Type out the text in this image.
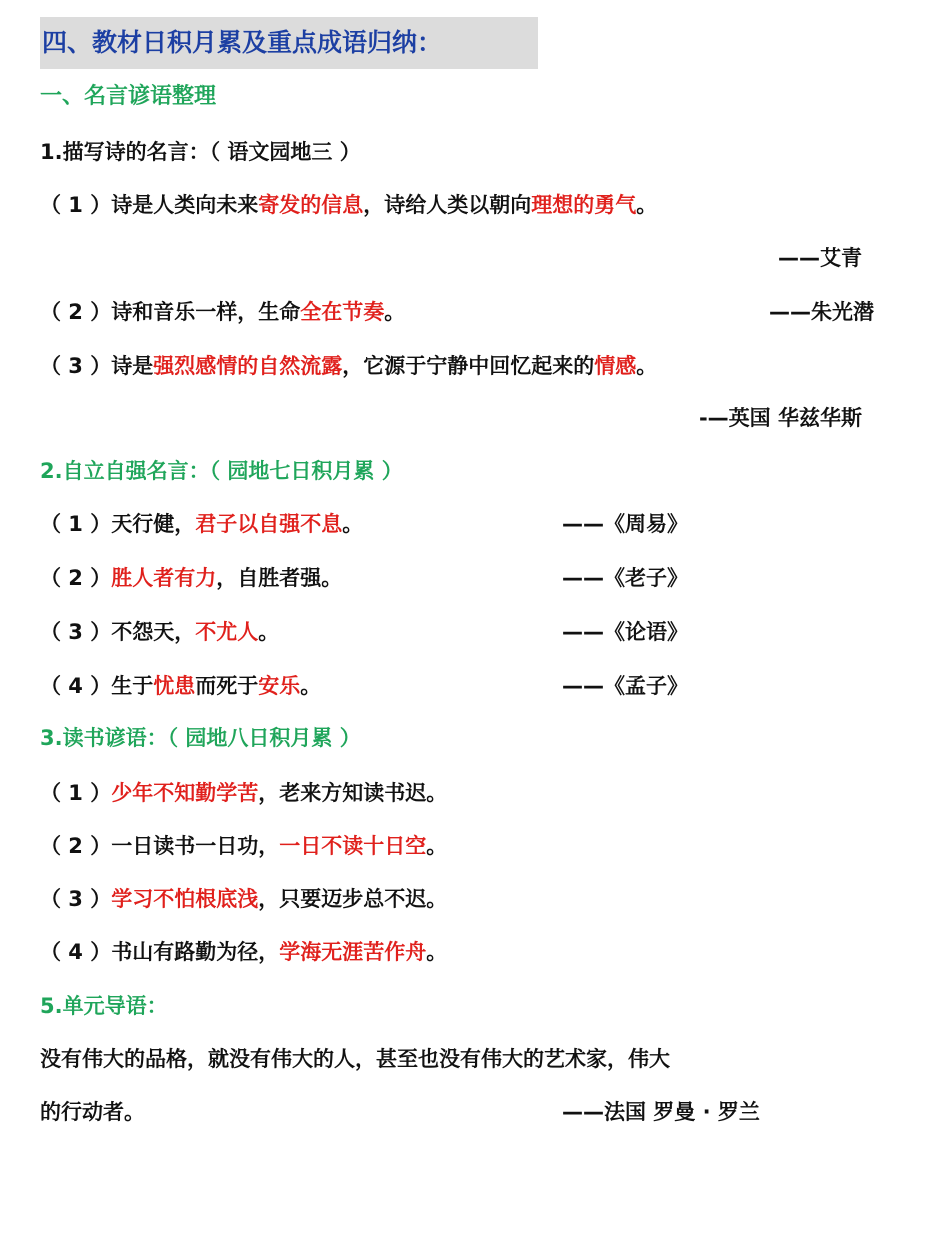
四、教材日积月累及重点成语归纳：
一、名言谚语整理
1.描写诗的名言：（ 语文园地三 ）
（ 1 ）诗是人类向未来寄发的信息，诗给人类以朝向理想的勇气。
——艾青
（ 2 ）诗和音乐一样，生命全在节奏。	——朱光潜
（ 3 ）诗是强烈感情的自然流露，它源于宁静中回忆起来的情感。
-—英国 华兹华斯
2.自立自强名言：（ 园地七日积月累 ）
（ 1 ）天行健，君子以自强不息。	——《周易》
（ 2 ）胜人者有力，自胜者强。	——《老子》
（ 3 ）不怨天，不尤人。	——《论语》
（ 4 ）生于忧患而死于安乐。	——《孟子》
3.读书谚语：（ 园地八日积月累 ）
（ 1 ）少年不知勤学苦，老来方知读书迟。
（ 2 ）一日读书一日功，一日不读十日空。
（ 3 ）学习不怕根底浅，只要迈步总不迟。
（ 4 ）书山有路勤为径，学海无涯苦作舟。
5.单元导语：
没有伟大的品格，就没有伟大的人，甚至也没有伟大的艺术家，伟大
的行动者。	——法国 罗曼 · 罗兰
